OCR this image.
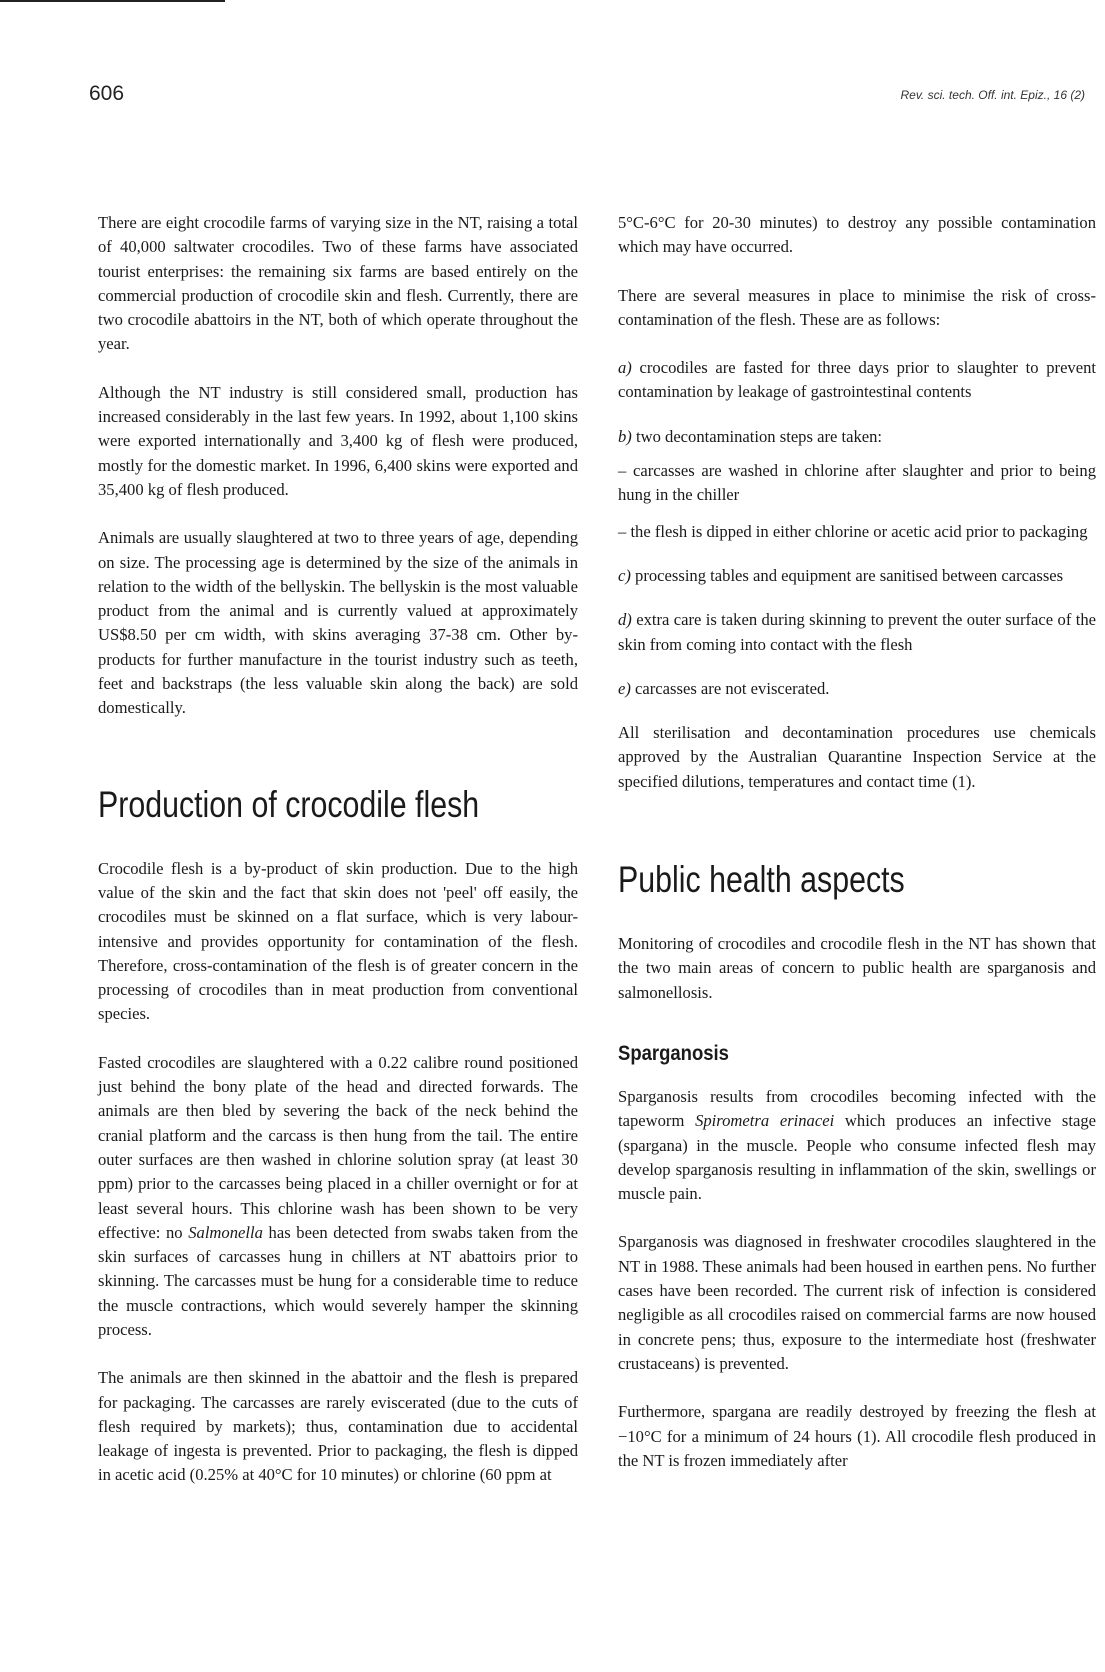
606	Rev. sci. tech. Off. int. Epiz., 16 (2)

There are eight crocodile farms of varying size in the NT, raising a total of 40,000 saltwater crocodiles. Two of these farms have associated tourist enterprises: the remaining six farms are based entirely on the commercial production of crocodile skin and flesh. Currently, there are two crocodile abattoirs in the NT, both of which operate throughout the year.

Although the NT industry is still considered small, production has increased considerably in the last few years. In 1992, about 1,100 skins were exported internationally and 3,400 kg of flesh were produced, mostly for the domestic market. In 1996, 6,400 skins were exported and 35,400 kg of flesh produced.

Animals are usually slaughtered at two to three years of age, depending on size. The processing age is determined by the size of the animals in relation to the width of the bellyskin. The bellyskin is the most valuable product from the animal and is currently valued at approximately US$8.50 per cm width, with skins averaging 37-38 cm. Other by-products for further manufacture in the tourist industry such as teeth, feet and backstraps (the less valuable skin along the back) are sold domestically.

Production of crocodile flesh

Crocodile flesh is a by-product of skin production. Due to the high value of the skin and the fact that skin does not 'peel' off easily, the crocodiles must be skinned on a flat surface, which is very labour-intensive and provides opportunity for contamination of the flesh. Therefore, cross-contamination of the flesh is of greater concern in the processing of crocodiles than in meat production from conventional species.

Fasted crocodiles are slaughtered with a 0.22 calibre round positioned just behind the bony plate of the head and directed forwards. The animals are then bled by severing the back of the neck behind the cranial platform and the carcass is then hung from the tail. The entire outer surfaces are then washed in chlorine solution spray (at least 30 ppm) prior to the carcasses being placed in a chiller overnight or for at least several hours. This chlorine wash has been shown to be very effective: no Salmonella has been detected from swabs taken from the skin surfaces of carcasses hung in chillers at NT abattoirs prior to skinning. The carcasses must be hung for a considerable time to reduce the muscle contractions, which would severely hamper the skinning process.

The animals are then skinned in the abattoir and the flesh is prepared for packaging. The carcasses are rarely eviscerated (due to the cuts of flesh required by markets); thus, contamination due to accidental leakage of ingesta is prevented. Prior to packaging, the flesh is dipped in acetic acid (0.25% at 40°C for 10 minutes) or chlorine (60 ppm at

5°C-6°C for 20-30 minutes) to destroy any possible contamination which may have occurred.

There are several measures in place to minimise the risk of cross-contamination of the flesh. These are as follows:

a) crocodiles are fasted for three days prior to slaughter to prevent contamination by leakage of gastrointestinal contents

b) two decontamination steps are taken:

– carcasses are washed in chlorine after slaughter and prior to being hung in the chiller

– the flesh is dipped in either chlorine or acetic acid prior to packaging

c) processing tables and equipment are sanitised between carcasses

d) extra care is taken during skinning to prevent the outer surface of the skin from coming into contact with the flesh

e) carcasses are not eviscerated.

All sterilisation and decontamination procedures use chemicals approved by the Australian Quarantine Inspection Service at the specified dilutions, temperatures and contact time (1).

Public health aspects

Monitoring of crocodiles and crocodile flesh in the NT has shown that the two main areas of concern to public health are sparganosis and salmonellosis.

Sparganosis

Sparganosis results from crocodiles becoming infected with the tapeworm Spirometra erinacei which produces an infective stage (spargana) in the muscle. People who consume infected flesh may develop sparganosis resulting in inflammation of the skin, swellings or muscle pain.

Sparganosis was diagnosed in freshwater crocodiles slaughtered in the NT in 1988. These animals had been housed in earthen pens. No further cases have been recorded. The current risk of infection is considered negligible as all crocodiles raised on commercial farms are now housed in concrete pens; thus, exposure to the intermediate host (freshwater crustaceans) is prevented.

Furthermore, spargana are readily destroyed by freezing the flesh at −10°C for a minimum of 24 hours (1). All crocodile flesh produced in the NT is frozen immediately after
